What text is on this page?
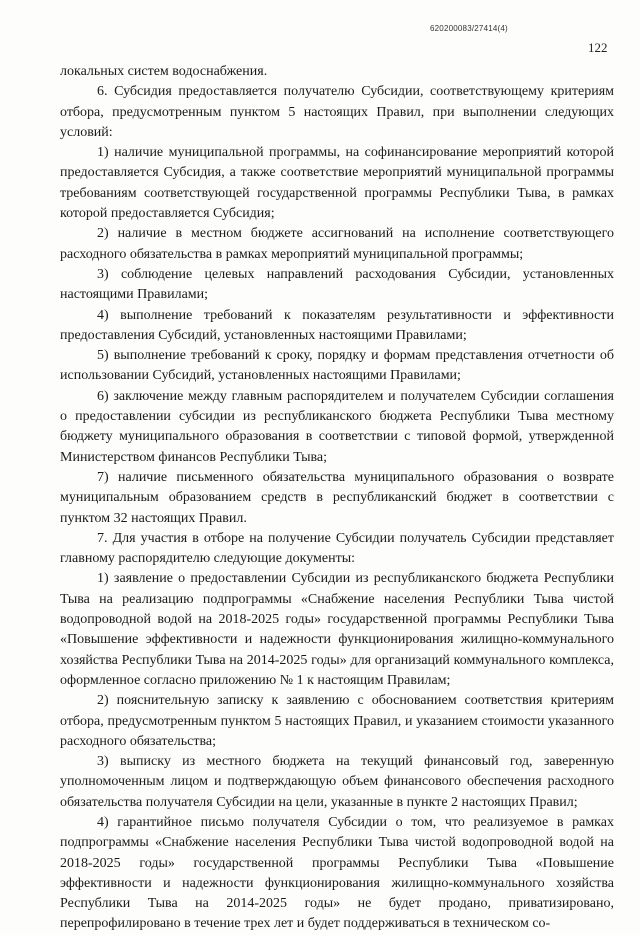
620200083/27414(4)
122

локальных систем водоснабжения.

6. Субсидия предоставляется получателю Субсидии, соответствующему критериям отбора, предусмотренным пунктом 5 настоящих Правил, при выполнении следующих условий:

1) наличие муниципальной программы, на софинансирование мероприятий которой предоставляется Субсидия, а также соответствие мероприятий муниципальной программы требованиям соответствующей государственной программы Республики Тыва, в рамках которой предоставляется Субсидия;

2) наличие в местном бюджете ассигнований на исполнение соответствующего расходного обязательства в рамках мероприятий муниципальной программы;

3) соблюдение целевых направлений расходования Субсидии, установленных настоящими Правилами;

4) выполнение требований к показателям результативности и эффективности предоставления Субсидий, установленных настоящими Правилами;

5) выполнение требований к сроку, порядку и формам представления отчетности об использовании Субсидий, установленных настоящими Правилами;

6) заключение между главным распорядителем и получателем Субсидии соглашения о предоставлении субсидии из республиканского бюджета Республики Тыва местному бюджету муниципального образования в соответствии с типовой формой, утвержденной Министерством финансов Республики Тыва;

7) наличие письменного обязательства муниципального образования о возврате муниципальным образованием средств в республиканский бюджет в соответствии с пунктом 32 настоящих Правил.

7. Для участия в отборе на получение Субсидии получатель Субсидии представляет главному распорядителю следующие документы:

1) заявление о предоставлении Субсидии из республиканского бюджета Республики Тыва на реализацию подпрограммы «Снабжение населения Республики Тыва чистой водопроводной водой на 2018-2025 годы» государственной программы Республики Тыва «Повышение эффективности и надежности функционирования жилищно-коммунального хозяйства Республики Тыва на 2014-2025 годы» для организаций коммунального комплекса, оформленное согласно приложению № 1 к настоящим Правилам;

2) пояснительную записку к заявлению с обоснованием соответствия критериям отбора, предусмотренным пунктом 5 настоящих Правил, и указанием стоимости указанного расходного обязательства;

3) выписку из местного бюджета на текущий финансовый год, заверенную уполномоченным лицом и подтверждающую объем финансового обеспечения расходного обязательства получателя Субсидии на цели, указанные в пункте 2 настоящих Правил;

4) гарантийное письмо получателя Субсидии о том, что реализуемое в рамках подпрограммы «Снабжение населения Республики Тыва чистой водопроводной водой на 2018-2025 годы» государственной программы Республики Тыва «Повышение эффективности и надежности функционирования жилищно-коммунального хозяйства Республики Тыва на 2014-2025 годы» не будет продано, приватизировано, перепрофилировано в течение трех лет и будет поддерживаться в техническом со-
